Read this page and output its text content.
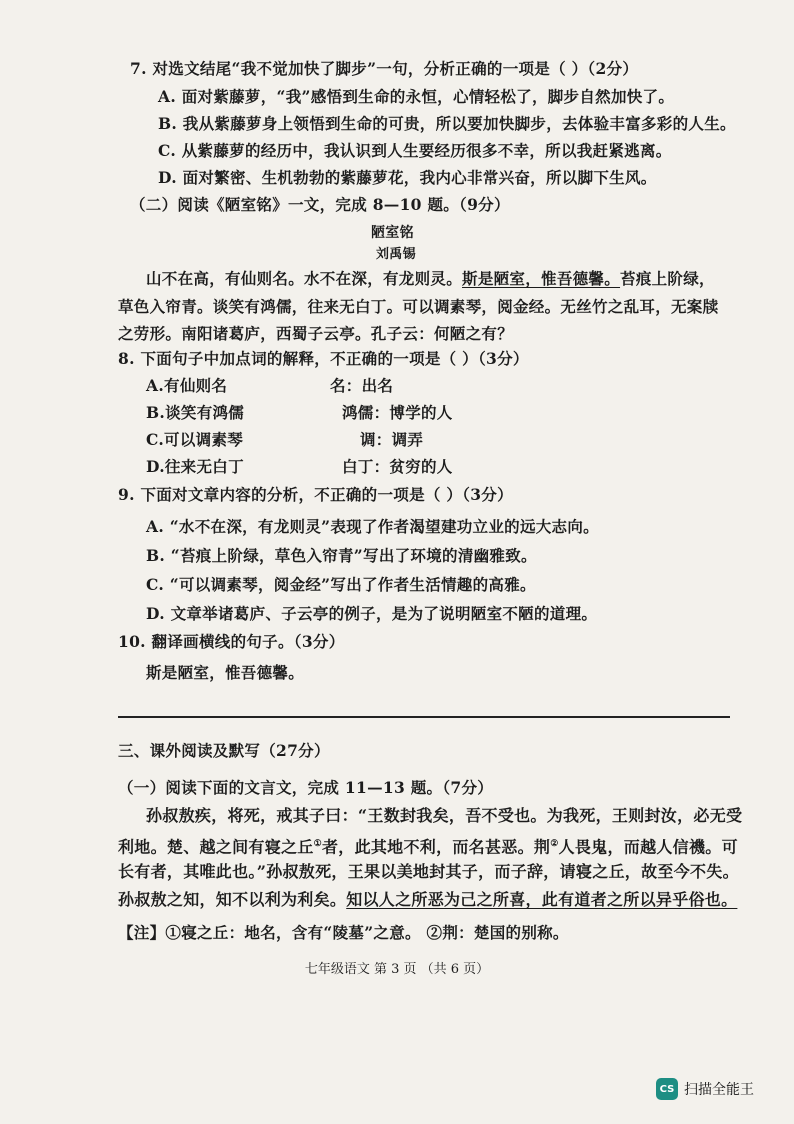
7. 对选文结尾“我不觉加快了脚步”一句，分析正确的一项是（ ）（2分）
A. 面对紫藤萝，“我”感悟到生命的永恒，心情轻松了，脚步自然加快了。
B. 我从紫藤萝身上领悟到生命的可贵，所以要加快脚步，去体验丰富多彩的人生。
C. 从紫藤萝的经历中，我认识到人生要经历很多不幸，所以我赶紧逃离。
D. 面对繁密、生机勃勃的紫藤萝花，我内心非常兴奋，所以脚下生风。
（二）阅读《陋室铭》一文，完成 8—10 题。（9分）
陋室铭
刘禹锡
山不在高，有仙则名。水不在深，有龙则灵。斯是陋室，惟吾德馨。苔痕上阶绿，
草色入帘青。谈笑有鸿儒，往来无白丁。可以调素琴，阅金经。无丝竹之乱耳，无案牍
之劳形。南阳诸葛庐，西蜀子云亭。孔子云：何陋之有？
8. 下面句子中加点词的解释，不正确的一项是（ ）（3分）
A.有仙则名	名：出名
B.谈笑有鸿儒	鸿儒：博学的人
C.可以调素琴	调：调弄
D.往来无白丁	白丁：贫穷的人
9. 下面对文章内容的分析，不正确的一项是（ ）（3分）
A. “水不在深，有龙则灵”表现了作者渴望建功立业的远大志向。
B. “苔痕上阶绿，草色入帘青”写出了环境的清幽雅致。
C. “可以调素琴，阅金经”写出了作者生活情趣的高雅。
D. 文章举诸葛庐、子云亭的例子，是为了说明陋室不陋的道理。
10. 翻译画横线的句子。（3分）
斯是陋室，惟吾德馨。
三、课外阅读及默写（27分）
（一）阅读下面的文言文，完成 11—13 题。（7分）
孙叔敖疾，将死，戒其子曰：“王数封我矣，吾不受也。为我死，王则封汝，必无受
利地。楚、越之间有寝之丘①者，此其地不利，而名甚恶。荆②人畏鬼，而越人信禨。可
长有者，其唯此也。”孙叔敖死，王果以美地封其子，而子辞，请寝之丘，故至今不失。
孙叔敖之知，知不以利为利矣。知以人之所恶为己之所喜，此有道者之所以异乎俗也。
【注】①寝之丘：地名，含有“陵墓”之意。 ②荆：楚国的别称。
七年级语文 第 3 页 （共 6 页）
CS 扫描全能王
